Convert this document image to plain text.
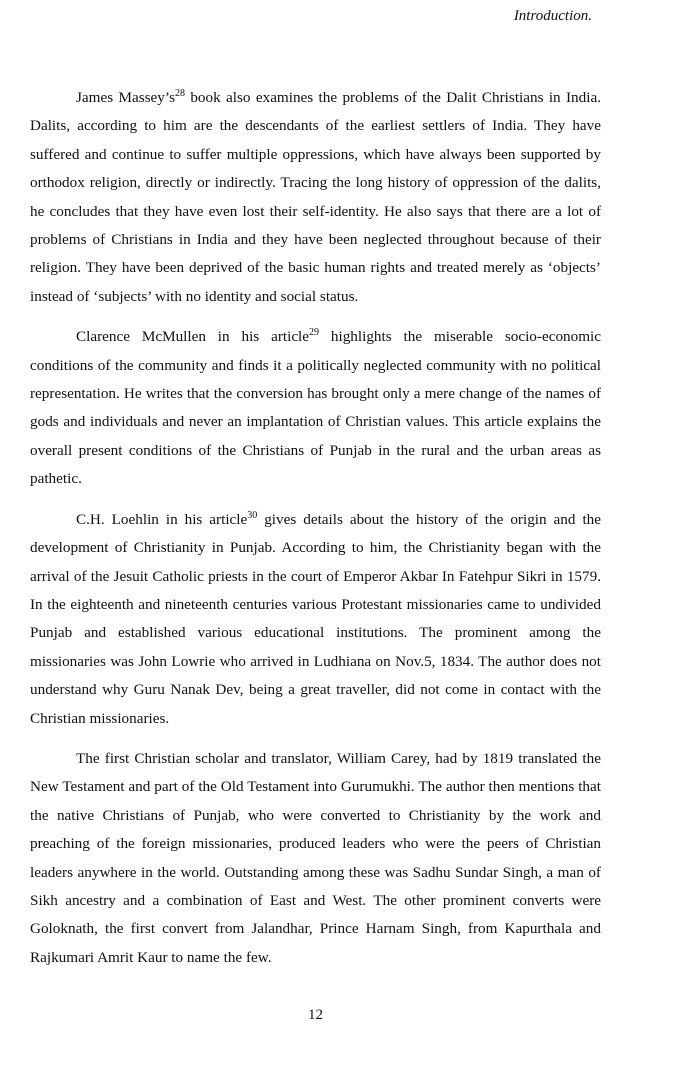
Introduction.

James $Massey’s^{28}$ book also examines the problems of the Dalit Christians in India. Dalits, according to him are the descendants of the earliest settlers of India. They have suffered and continue to suffer multiple oppressions, which have always been supported by orthodox religion, directly or indirectly. Tracing the long history of oppression of the dalits, he concludes that they have even lost their self-identity. He also says that there are a lot of problems of Christians in India and they have been neglected throughout because of their religion. They have been deprived of the basic human rights and treated merely as ‘objects’ instead of ‘subjects’ with no identity and social status.

Clarence McMullen in his article$^{29}$ highlights the miserable socio-economic conditions of the community and finds it a politically neglected community with no political representation. He writes that the conversion has brought only a mere change of the names of gods and individuals and never an implantation of Christian values. This article explains the overall present conditions of the Christians of Punjab in the rural and the urban areas as pathetic.

C.H. Loehlin in his article$^{30}$ gives details about the history of the origin and the development of Christianity in Punjab. According to him, the Christianity began with the arrival of the Jesuit Catholic priests in the court of Emperor Akbar In Fatehpur Sikri in 1579. In the eighteenth and nineteenth centuries various Protestant missionaries came to undivided Punjab and established various educational institutions. The prominent among the missionaries was John Lowrie who arrived in Ludhiana on Nov.5, 1834. The author does not understand why Guru Nanak Dev, being a great traveller, did not come in contact with the Christian missionaries.

The first Christian scholar and translator, William Carey, had by 1819 translated the New Testament and part of the Old Testament into Gurumukhi. The author then mentions that the native Christians of Punjab, who were converted to Christianity by the work and preaching of the foreign missionaries, produced leaders who were the peers of Christian leaders anywhere in the world. Outstanding among these was Sadhu Sundar Singh, a man of Sikh ancestry and a combination of East and West. The other prominent converts were Goloknath, the first convert from Jalandhar, Prince Harnam Singh, from Kapurthala and Rajkumari Amrit Kaur to name the few.

12
